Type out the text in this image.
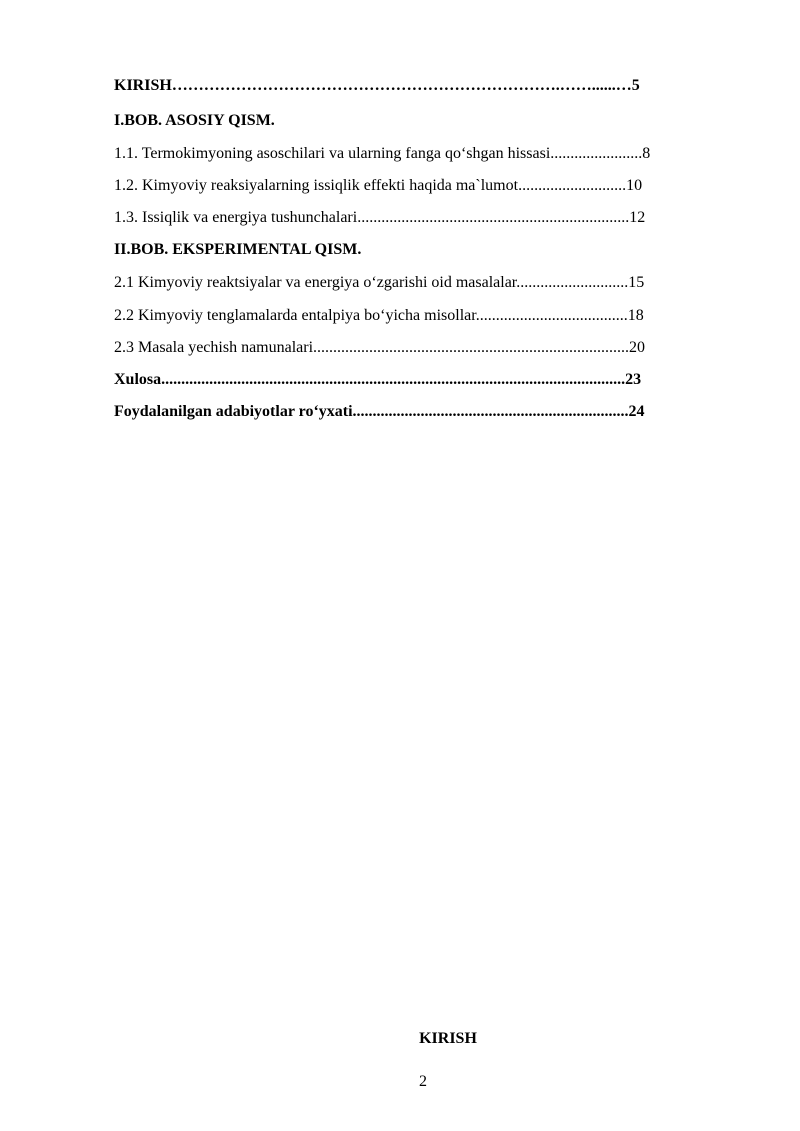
KIRISH……………………………………………………………….……......…5
I.BOB. ASOSIY QISM.
1.1. Termokimyoning asoschilari va ularning fanga qo‘shgan hissasi.......................8
1.2. Kimyoviy reaksiyalarning issiqlik effekti haqida ma`lumot...........................10
1.3. Issiqlik va energiya tushunchalari....................................................................12
II.BOB. EKSPERIMENTAL QISM.
2.1 Kimyoviy reaktsiyalar va energiya o‘zgarishi oid masalalar............................15
2.2 Kimyoviy tenglamalarda entalpiya bo‘yicha misollar......................................18
2.3 Masala yechish namunalari...............................................................................20
Xulosa....................................................................................................................23
Foydalanilgan adabiyotlar ro‘yxati.....................................................................24
KIRISH
2
